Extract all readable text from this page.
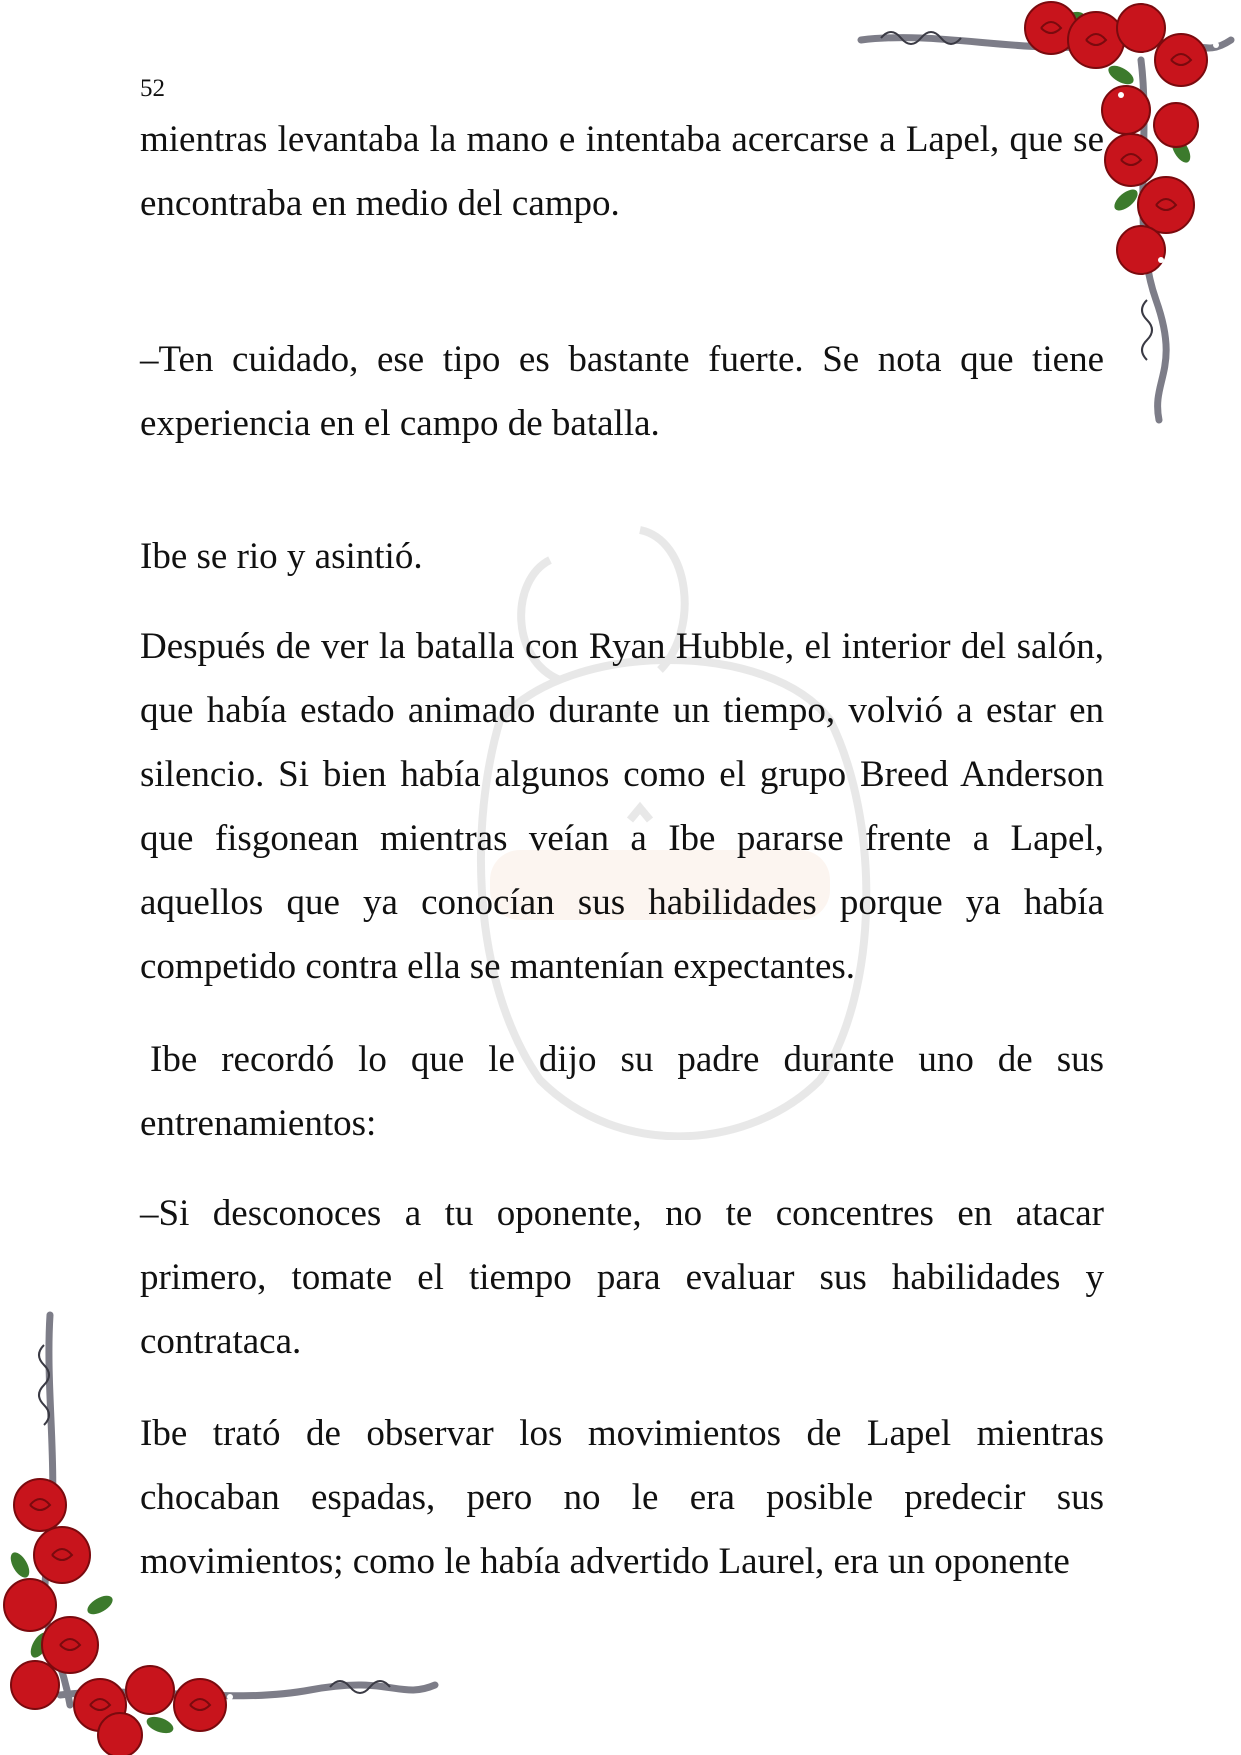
52

mientras levantaba la mano e intentaba acercarse a Lapel, que se encontraba en medio del campo.

–Ten cuidado, ese tipo es bastante fuerte. Se nota que tiene experiencia en el campo de batalla.

Ibe se rio y asintió.

Después de ver la batalla con Ryan Hubble, el interior del salón, que había estado animado durante un tiempo, volvió a estar en silencio. Si bien había algunos como el grupo Breed Anderson que fisgonean mientras veían a Ibe pararse frente a Lapel, aquellos que ya conocían sus habilidades porque ya había competido contra ella se mantenían expectantes.

Ibe recordó lo que le dijo su padre durante uno de sus entrenamientos:

–Si desconoces a tu oponente, no te concentres en atacar primero, tomate el tiempo para evaluar sus habilidades y contrataca.

Ibe trató de observar los movimientos de Lapel mientras chocaban espadas, pero no le era posible predecir sus movimientos; como le había advertido Laurel, era un oponente
